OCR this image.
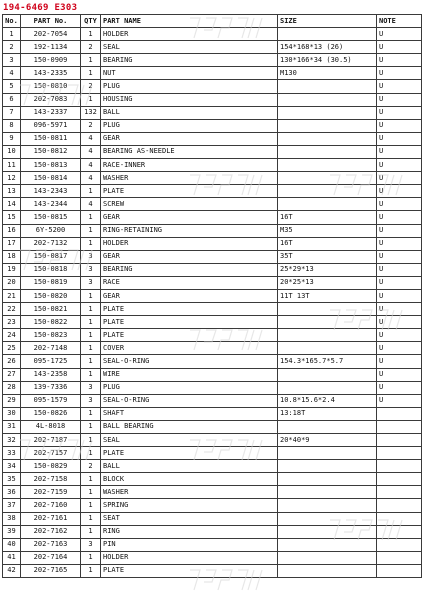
194-6469 E303
No.	PART No.	QTY	PART NAME	SIZE	NOTE
1	202-7054	1	HOLDER		U
2	192-1134	2	SEAL	154*168*13 (26)	U
3	150-0909	1	BEARING	130*166*34 (30.5)	U
4	143-2335	1	NUT	M130	U
5	150-0810	2	PLUG		U
6	202-7083	1	HOUSING		U
7	143-2337	132	BALL		U
8	096-5971	2	PLUG		U
9	150-0811	4	GEAR		U
10	150-0812	4	BEARING AS-NEEDLE		U
11	150-0813	4	RACE-INNER		U
12	150-0814	4	WASHER		U
13	143-2343	1	PLATE		U
14	143-2344	4	SCREW		U
15	150-0815	1	GEAR	16T	U
16	6Y-5200	1	RING-RETAINING	M35	U
17	202-7132	1	HOLDER	16T	U
18	150-0817	3	GEAR	35T	U
19	150-0818	3	BEARING	25*29*13	U
20	150-0819	3	RACE	20*25*13	U
21	150-0820	1	GEAR	11T 13T	U
22	150-0821	1	PLATE		U
23	150-0822	1	PLATE		U
24	150-0823	1	PLATE		U
25	202-7148	1	COVER		U
26	095-1725	1	SEAL-O-RING	154.3*165.7*5.7	U
27	143-2358	1	WIRE		U
28	139-7336	3	PLUG		U
29	095-1579	3	SEAL-O-RING	10.8*15.6*2.4	U
30	150-0826	1	SHAFT	13:18T	
31	4L-8018	1	BALL BEARING		
32	202-7187	1	SEAL	20*40*9	
33	202-7157	1	PLATE		
34	150-0829	2	BALL		
35	202-7158	1	BLOCK		
36	202-7159	1	WASHER		
37	202-7160	1	SPRING		
38	202-7161	1	SEAT		
39	202-7162	1	RING		
40	202-7163	3	PIN		
41	202-7164	1	HOLDER		
42	202-7165	1	PLATE		
